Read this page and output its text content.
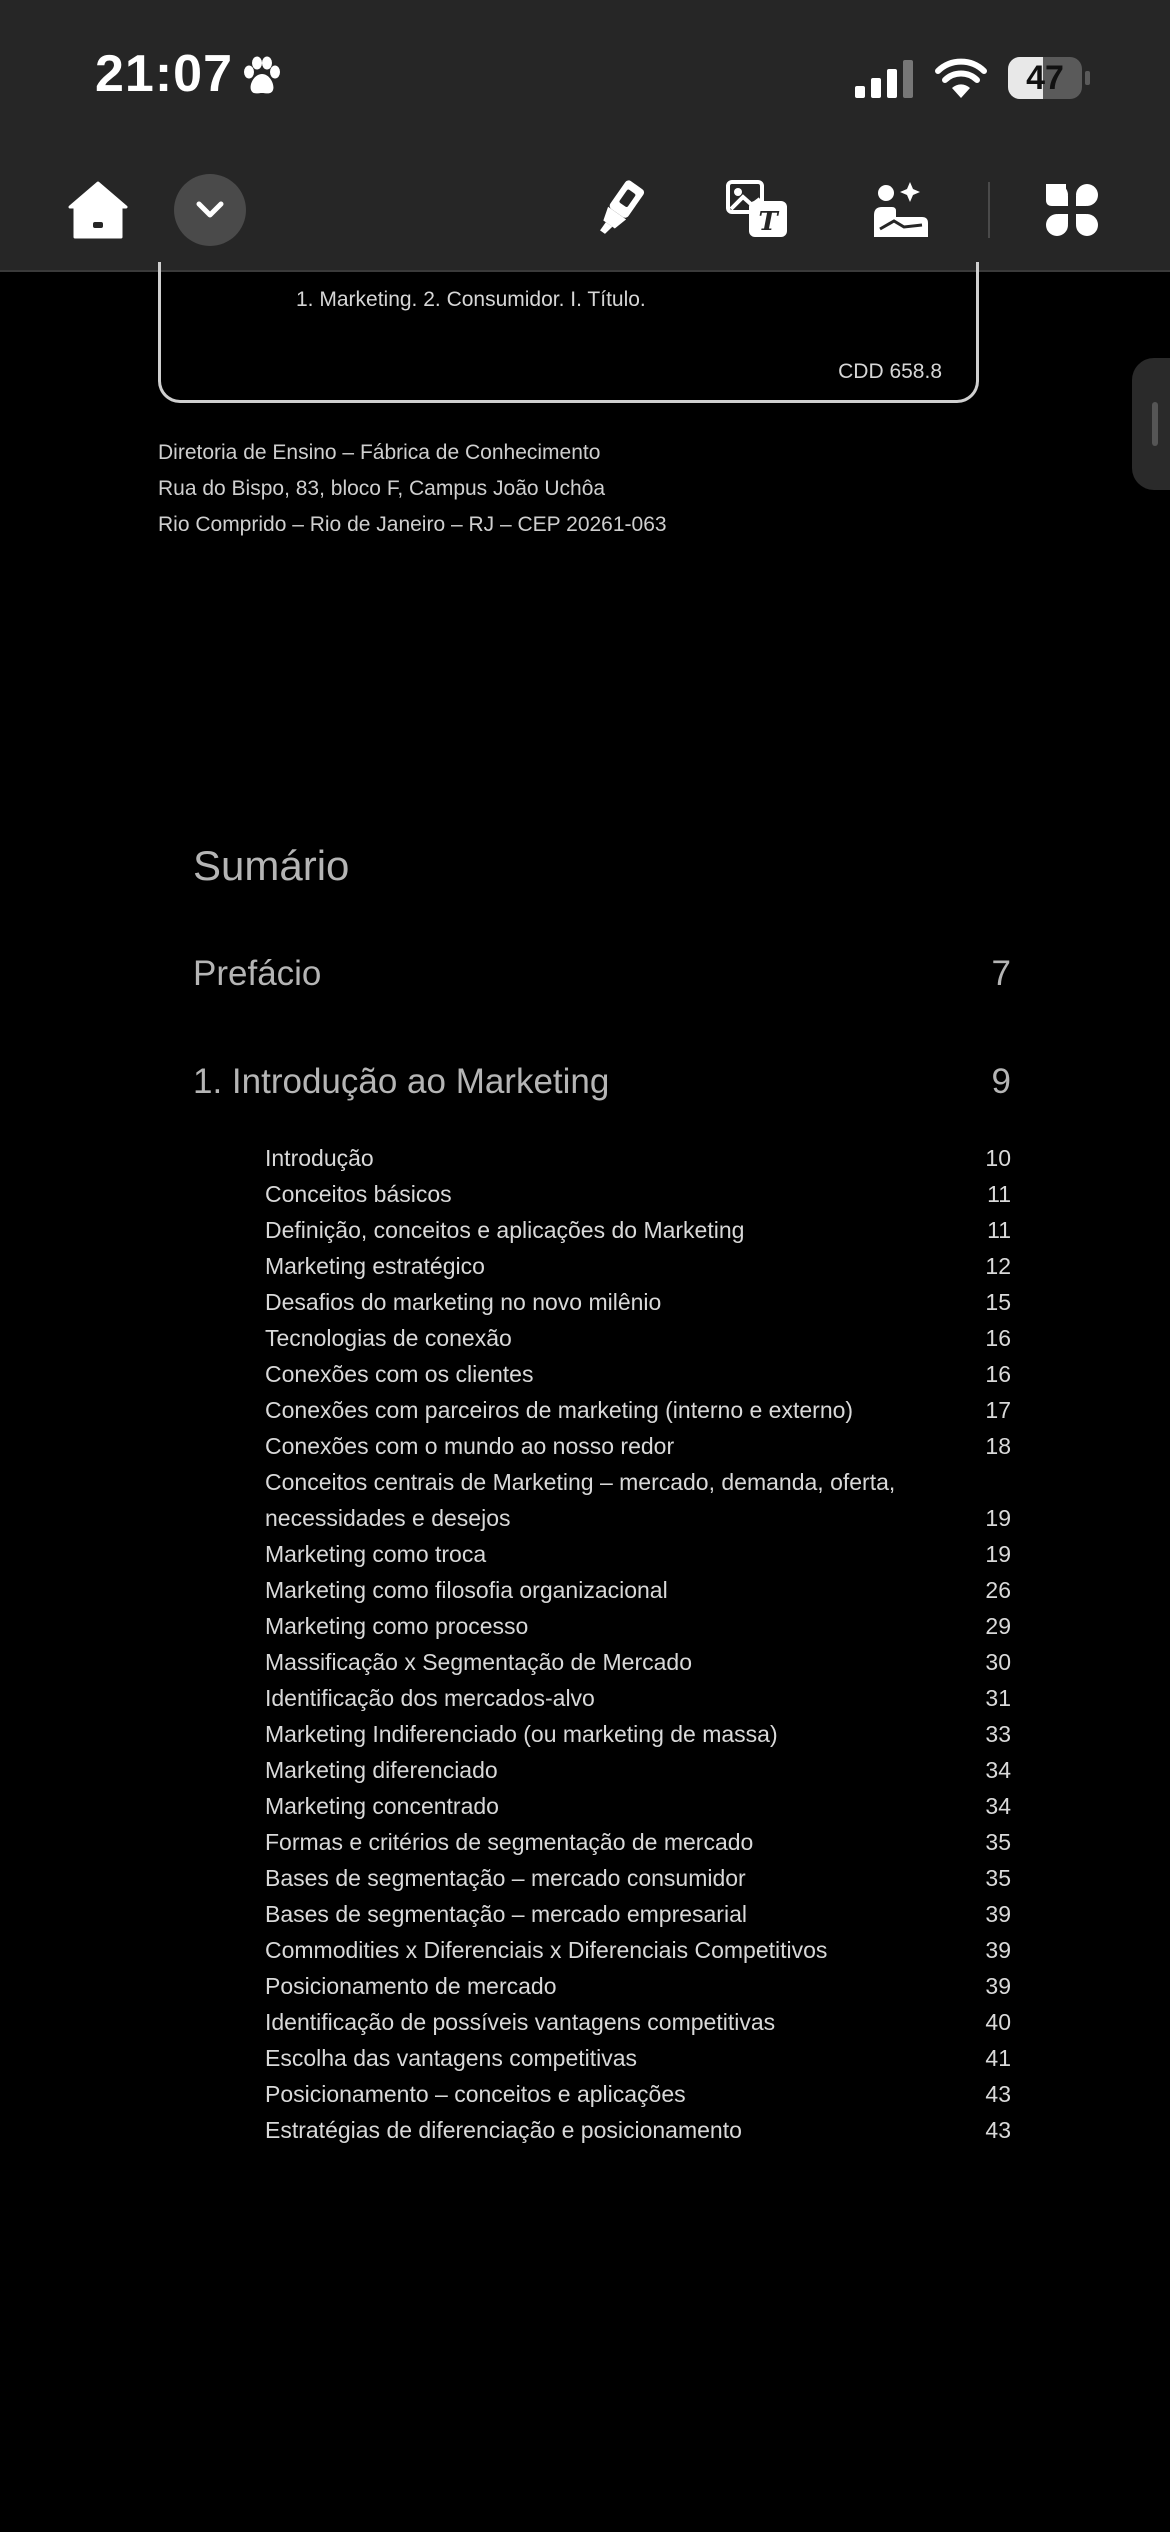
21:07	47
T
1. Marketing. 2. Consumidor. I. Título.
CDD 658.8
Diretoria de Ensino – Fábrica de Conhecimento
Rua do Bispo, 83, bloco F, Campus João Uchôa
Rio Comprido – Rio de Janeiro – RJ – CEP 20261-063
Sumário
Prefácio	7
1. Introdução ao Marketing	9
Introdução	10
Conceitos básicos	11
Definição, conceitos e aplicações do Marketing	11
Marketing estratégico	12
Desafios do marketing no novo milênio	15
Tecnologias de conexão	16
Conexões com os clientes	16
Conexões com parceiros de marketing (interno e externo)	17
Conexões com o mundo ao nosso redor	18
Conceitos centrais de Marketing – mercado, demanda, oferta, necessidades e desejos	19
Marketing como troca	19
Marketing como filosofia organizacional	26
Marketing como processo	29
Massificação x Segmentação de Mercado	30
Identificação dos mercados-alvo	31
Marketing Indiferenciado (ou marketing de massa)	33
Marketing diferenciado	34
Marketing concentrado	34
Formas e critérios de segmentação de mercado	35
Bases de segmentação – mercado consumidor	35
Bases de segmentação – mercado empresarial	39
Commodities x Diferenciais x Diferenciais Competitivos	39
Posicionamento de mercado	39
Identificação de possíveis vantagens competitivas	40
Escolha das vantagens competitivas	41
Posicionamento – conceitos e aplicações	43
Estratégias de diferenciação e posicionamento	43
